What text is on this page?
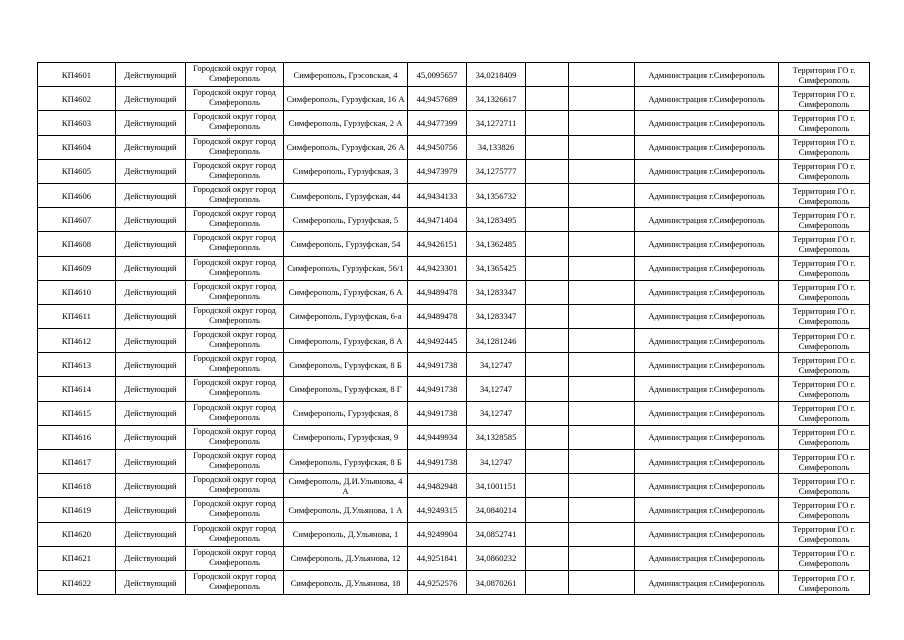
КП4601	Действующий	Городской округ город Симферополь	Симферополь, Грэсовская, 4	45,0095657	34,0218409			Администрация г.Симферополь	Территория ГО г. Симферополь
КП4602	Действующий	Городской округ город Симферополь	Симферополь, Гурзуфская, 16 А	44,9457689	34,1326617			Администрация г.Симферополь	Территория ГО г. Симферополь
КП4603	Действующий	Городской округ город Симферополь	Симферополь, Гурзуфская, 2 А	44,9477399	34,1272711			Администрация г.Симферополь	Территория ГО г. Симферополь
КП4604	Действующий	Городской округ город Симферополь	Симферополь, Гурзуфская, 26 А	44,9450756	34,133826			Администрация г.Симферополь	Территория ГО г. Симферополь
КП4605	Действующий	Городской округ город Симферополь	Симферополь, Гурзуфская, 3	44,9473979	34,1275777			Администрация г.Симферополь	Территория ГО г. Симферополь
КП4606	Действующий	Городской округ город Симферополь	Симферополь, Гурзуфская, 44	44,9434133	34,1356732			Администрация г.Симферополь	Территория ГО г. Симферополь
КП4607	Действующий	Городской округ город Симферополь	Симферополь, Гурзуфская, 5	44,9471404	34,1283495			Администрация г.Симферополь	Территория ГО г. Симферополь
КП4608	Действующий	Городской округ город Симферополь	Симферополь, Гурзуфская, 54	44,9426151	34,1362485			Администрация г.Симферополь	Территория ГО г. Симферополь
КП4609	Действующий	Городской округ город Симферополь	Симферополь, Гурзуфская, 56/1	44,9423301	34,1365425			Администрация г.Симферополь	Территория ГО г. Симферополь
КП4610	Действующий	Городской округ город Симферополь	Симферополь, Гурзуфская, 6 А	44,9489478	34,1283347			Администрация г.Симферополь	Территория ГО г. Симферополь
КП4611	Действующий	Городской округ город Симферополь	Симферополь, Гурзуфская, 6-а	44,9489478	34,1283347			Администрация г.Симферополь	Территория ГО г. Симферополь
КП4612	Действующий	Городской округ город Симферополь	Симферополь, Гурзуфская, 8 А	44,9492445	34,1281246			Администрация г.Симферополь	Территория ГО г. Симферополь
КП4613	Действующий	Городской округ город Симферополь	Симферополь, Гурзуфская, 8 Б	44,9491738	34,12747			Администрация г.Симферополь	Территория ГО г. Симферополь
КП4614	Действующий	Городской округ город Симферополь	Симферополь, Гурзуфская, 8 Г	44,9491738	34,12747			Администрация г.Симферополь	Территория ГО г. Симферополь
КП4615	Действующий	Городской округ город Симферополь	Симферополь, Гурзуфская, 8	44,9491738	34,12747			Администрация г.Симферополь	Территория ГО г. Симферополь
КП4616	Действующий	Городской округ город Симферополь	Симферополь, Гурзуфская, 9	44,9449934	34,1328585			Администрация г.Симферополь	Территория ГО г. Симферополь
КП4617	Действующий	Городской округ город Симферополь	Симферополь, Гурзуфская, 8 Б	44,9491738	34,12747			Администрация г.Симферополь	Территория ГО г. Симферополь
КП4618	Действующий	Городской округ город Симферополь	Симферополь, Д.И.Ульянова, 4 А	44,9482948	34,1001151			Администрация г.Симферополь	Территория ГО г. Симферополь
КП4619	Действующий	Городской округ город Симферополь	Симферополь, Д.Ульянова, 1 А	44,9249315	34,0840214			Администрация г.Симферополь	Территория ГО г. Симферополь
КП4620	Действующий	Городской округ город Симферополь	Симферополь, Д.Ульянова, 1	44,9249904	34,0852741			Администрация г.Симферополь	Территория ГО г. Симферополь
КП4621	Действующий	Городской округ город Симферополь	Симферополь, Д.Ульянова, 12	44,9251841	34,0860232			Администрация г.Симферополь	Территория ГО г. Симферополь
КП4622	Действующий	Городской округ город Симферополь	Симферополь, Д.Ульянова, 18	44,9252576	34,0870261			Администрация г.Симферополь	Территория ГО г. Симферополь
